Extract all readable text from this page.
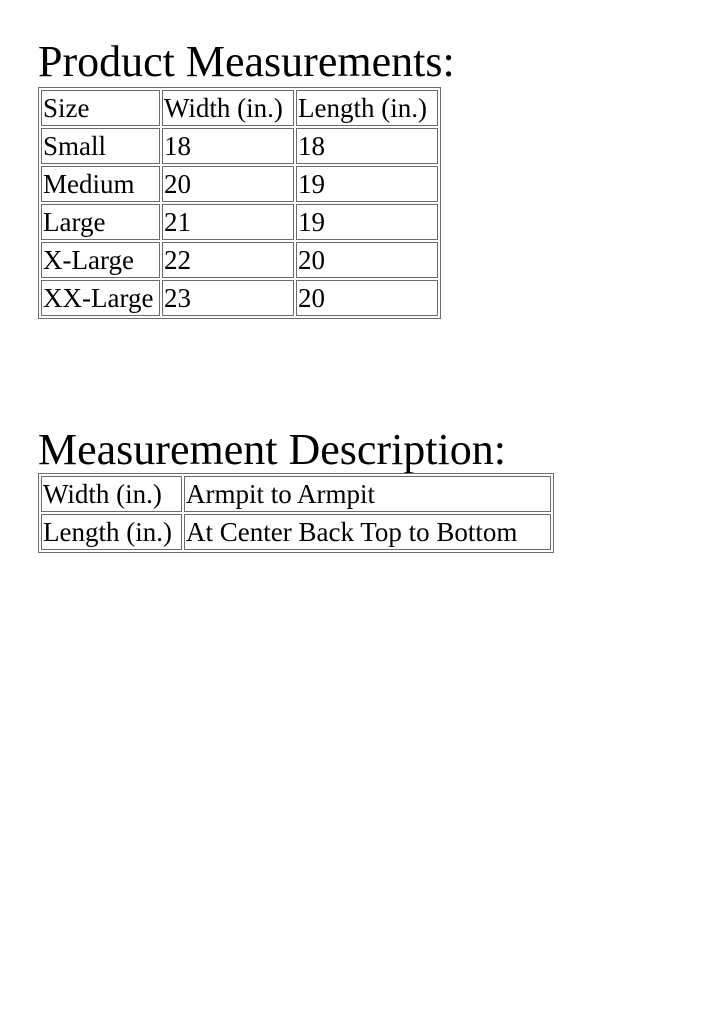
Product Measurements:
Size	Width (in.)	Length (in.)
Small	18	18
Medium	20	19
Large	21	19
X-Large	22	20
XX-Large	23	20
Measurement Description:
Width (in.)	Armpit to Armpit
Length (in.)	At Center Back Top to Bottom
